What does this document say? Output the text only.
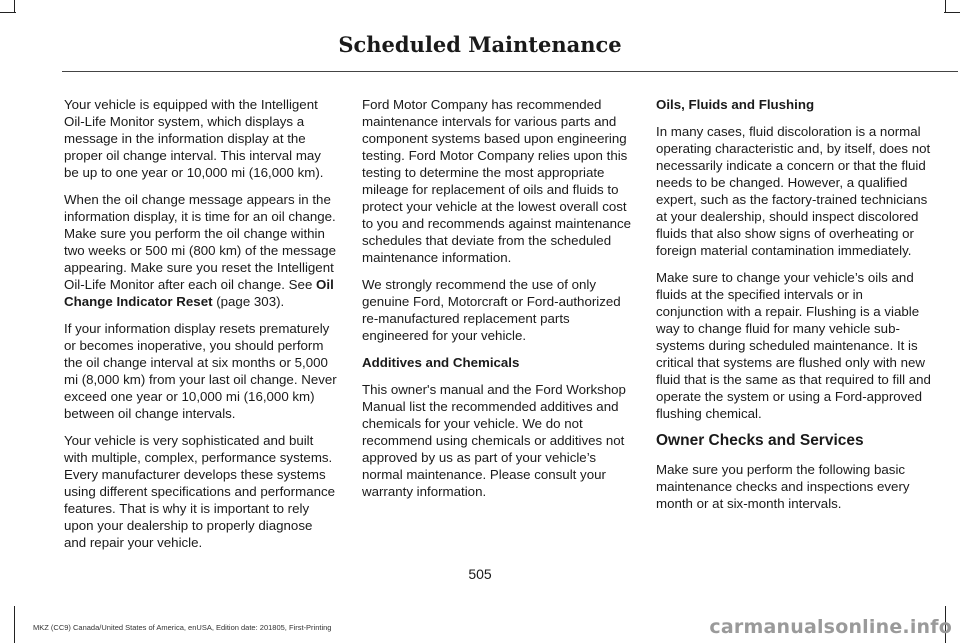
Scheduled Maintenance

Your vehicle is equipped with the Intelligent Oil-Life Monitor system, which displays a message in the information display at the proper oil change interval. This interval may be up to one year or 10,000 mi (16,000 km).

When the oil change message appears in the information display, it is time for an oil change. Make sure you perform the oil change within two weeks or 500 mi (800 km) of the message appearing. Make sure you reset the Intelligent Oil-Life Monitor after each oil change. See Oil Change Indicator Reset (page 303).

If your information display resets prematurely or becomes inoperative, you should perform the oil change interval at six months or 5,000 mi (8,000 km) from your last oil change. Never exceed one year or 10,000 mi (16,000 km) between oil change intervals.

Your vehicle is very sophisticated and built with multiple, complex, performance systems. Every manufacturer develops these systems using different specifications and performance features. That is why it is important to rely upon your dealership to properly diagnose and repair your vehicle.

Ford Motor Company has recommended maintenance intervals for various parts and component systems based upon engineering testing. Ford Motor Company relies upon this testing to determine the most appropriate mileage for replacement of oils and fluids to protect your vehicle at the lowest overall cost to you and recommends against maintenance schedules that deviate from the scheduled maintenance information.

We strongly recommend the use of only genuine Ford, Motorcraft or Ford-authorized re-manufactured replacement parts engineered for your vehicle.

Additives and Chemicals

This owner's manual and the Ford Workshop Manual list the recommended additives and chemicals for your vehicle. We do not recommend using chemicals or additives not approved by us as part of your vehicle’s normal maintenance. Please consult your warranty information.

Oils, Fluids and Flushing

In many cases, fluid discoloration is a normal operating characteristic and, by itself, does not necessarily indicate a concern or that the fluid needs to be changed. However, a qualified expert, such as the factory-trained technicians at your dealership, should inspect discolored fluids that also show signs of overheating or foreign material contamination immediately.

Make sure to change your vehicle’s oils and fluids at the specified intervals or in conjunction with a repair. Flushing is a viable way to change fluid for many vehicle sub-systems during scheduled maintenance. It is critical that systems are flushed only with new fluid that is the same as that required to fill and operate the system or using a Ford-approved flushing chemical.

Owner Checks and Services

Make sure you perform the following basic maintenance checks and inspections every month or at six-month intervals.

505
MKZ (CC9) Canada/United States of America, enUSA, Edition date: 201805, First-Printing	carmanualsonline.info
